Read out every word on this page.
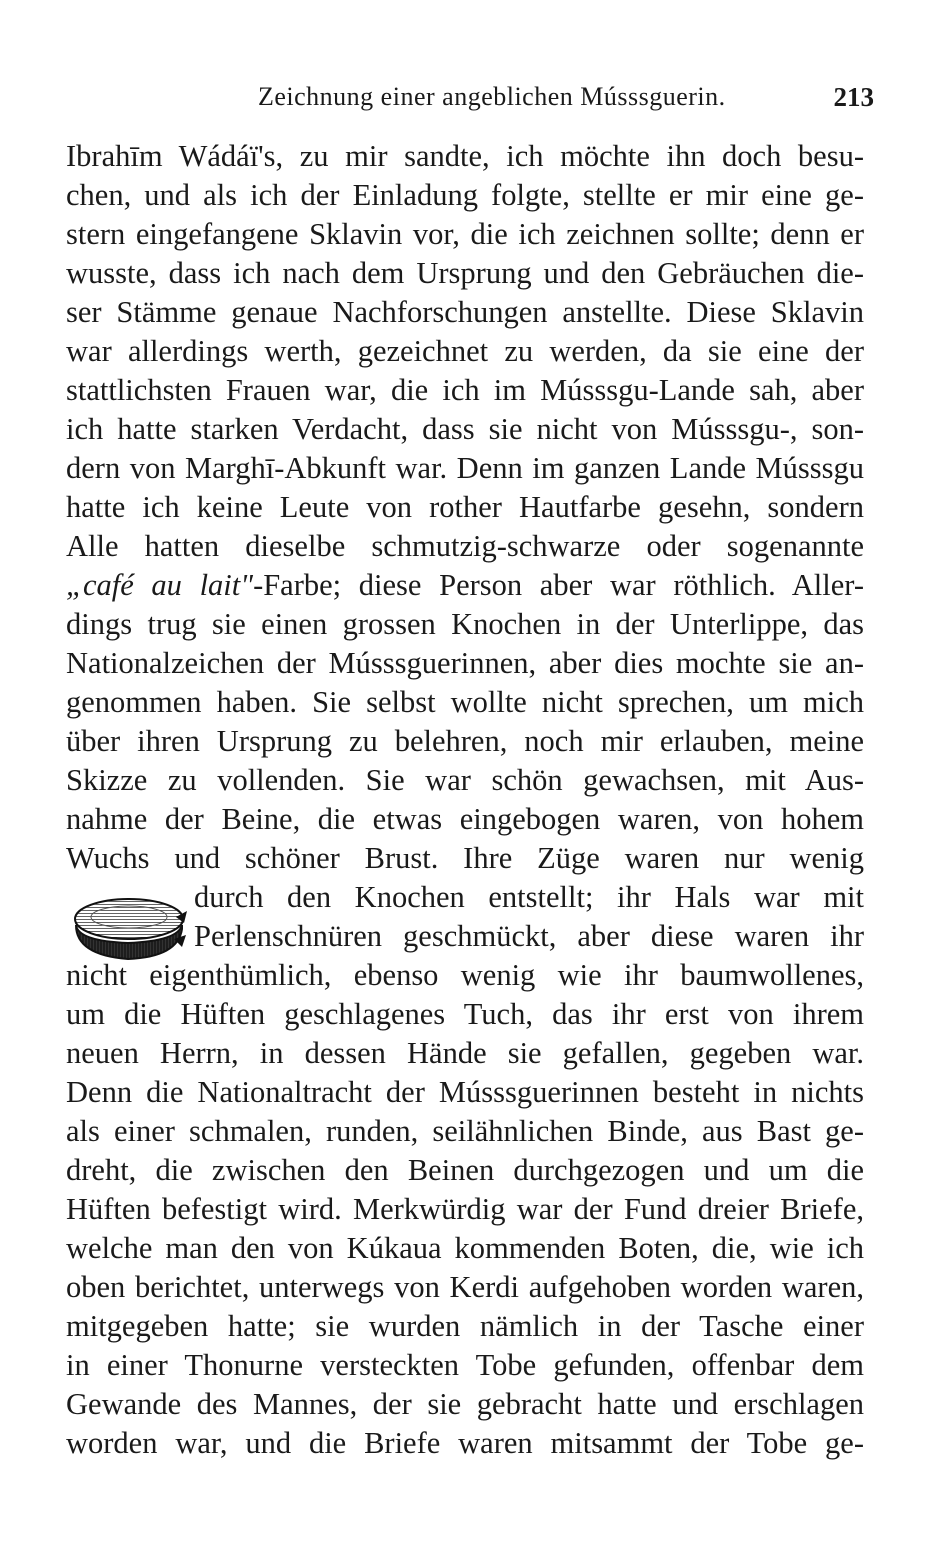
Zeichnung einer angeblichen Músssguerin.	213
Ibrahīm Wádáï's, zu mir sandte, ich möchte ihn doch besu-
chen, und als ich der Einladung folgte, stellte er mir eine ge-
stern eingefangene Sklavin vor, die ich zeichnen sollte; denn er
wusste, dass ich nach dem Ursprung und den Gebräuchen die-
ser Stämme genaue Nachforschungen anstellte. Diese Sklavin
war allerdings werth, gezeichnet zu werden, da sie eine der
stattlichsten Frauen war, die ich im Músssgu-Lande sah, aber
ich hatte starken Verdacht, dass sie nicht von Músssgu-, son-
dern von Marghī-Abkunft war. Denn im ganzen Lande Músssgu
hatte ich keine Leute von rother Hautfarbe gesehn, sondern
Alle hatten dieselbe schmutzig-schwarze oder sogenannte
„café au lait"-Farbe; diese Person aber war röthlich. Aller-
dings trug sie einen grossen Knochen in der Unterlippe, das
Nationalzeichen der Músssguerinnen, aber dies mochte sie an-
genommen haben. Sie selbst wollte nicht sprechen, um mich
über ihren Ursprung zu belehren, noch mir erlauben, meine
Skizze zu vollenden. Sie war schön gewachsen, mit Aus-
nahme der Beine, die etwas eingebogen waren, von hohem
Wuchs und schöner Brust. Ihre Züge waren nur wenig
durch den Knochen entstellt; ihr Hals war mit
Perlenschnüren geschmückt, aber diese waren ihr
nicht eigenthümlich, ebenso wenig wie ihr baumwollenes,
um die Hüften geschlagenes Tuch, das ihr erst von ihrem
neuen Herrn, in dessen Hände sie gefallen, gegeben war.
Denn die Nationaltracht der Músssguerinnen besteht in nichts
als einer schmalen, runden, seilähnlichen Binde, aus Bast ge-
dreht, die zwischen den Beinen durchgezogen und um die
Hüften befestigt wird. Merkwürdig war der Fund dreier Briefe,
welche man den von Kúkaua kommenden Boten, die, wie ich
oben berichtet, unterwegs von Kerdi aufgehoben worden waren,
mitgegeben hatte; sie wurden nämlich in der Tasche einer
in einer Thonurne versteckten Tobe gefunden, offenbar dem
Gewande des Mannes, der sie gebracht hatte und erschlagen
worden war, und die Briefe waren mitsammt der Tobe ge-
